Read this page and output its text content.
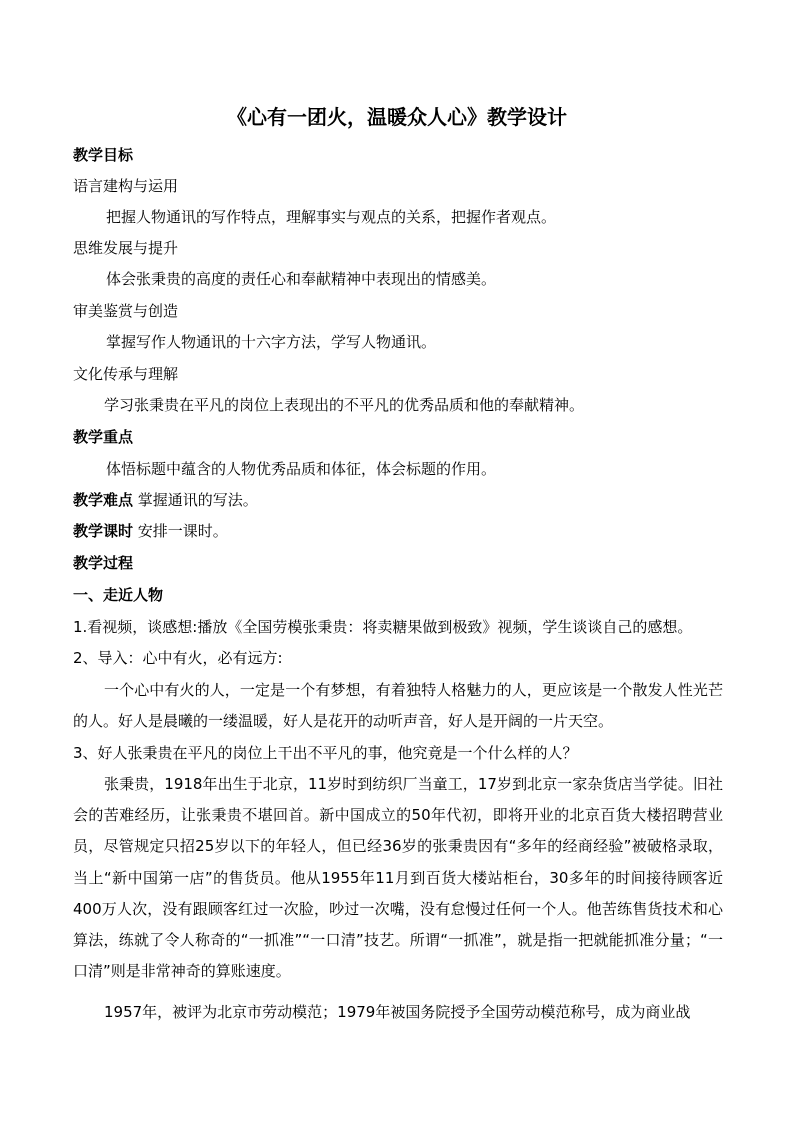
《心有一团火，温暖众人心》教学设计
教学目标
语言建构与运用
把握人物通讯的写作特点，理解事实与观点的关系，把握作者观点。
思维发展与提升
体会张秉贵的高度的责任心和奉献精神中表现出的情感美。
审美鉴赏与创造
掌握写作人物通讯的十六字方法，学写人物通讯。
文化传承与理解
学习张秉贵在平凡的岗位上表现出的不平凡的优秀品质和他的奉献精神。
教学重点
体悟标题中蕴含的人物优秀品质和体征，体会标题的作用。
教学难点 掌握通讯的写法。
教学课时 安排一课时。
教学过程
一、走近人物
1.看视频，谈感想:播放《全国劳模张秉贵：将卖糖果做到极致》视频，学生谈谈自己的感想。
2、导入：心中有火，必有远方:
一个心中有火的人，一定是一个有梦想，有着独特人格魅力的人，更应该是一个散发人性光芒的人。好人是晨曦的一缕温暖，好人是花开的动听声音，好人是开阔的一片天空。
3、好人张秉贵在平凡的岗位上干出不平凡的事，他究竟是一个什么样的人？
张秉贵，1918年出生于北京，11岁时到纺织厂当童工，17岁到北京一家杂货店当学徒。旧社会的苦难经历，让张秉贵不堪回首。新中国成立的50年代初，即将开业的北京百货大楼招聘营业员，尽管规定只招25岁以下的年轻人，但已经36岁的张秉贵因有“多年的经商经验”被破格录取，当上“新中国第一店”的售货员。他从1955年11月到百货大楼站柜台，30多年的时间接待顾客近400万人次，没有跟顾客红过一次脸，吵过一次嘴，没有怠慢过任何一个人。他苦练售货技术和心算法，练就了令人称奇的“一抓准”“一口清”技艺。所谓“一抓准”，就是指一把就能抓准分量；“一口清”则是非常神奇的算账速度。
1957年，被评为北京市劳动模范；1979年被国务院授予全国劳动模范称号，成为商业战
